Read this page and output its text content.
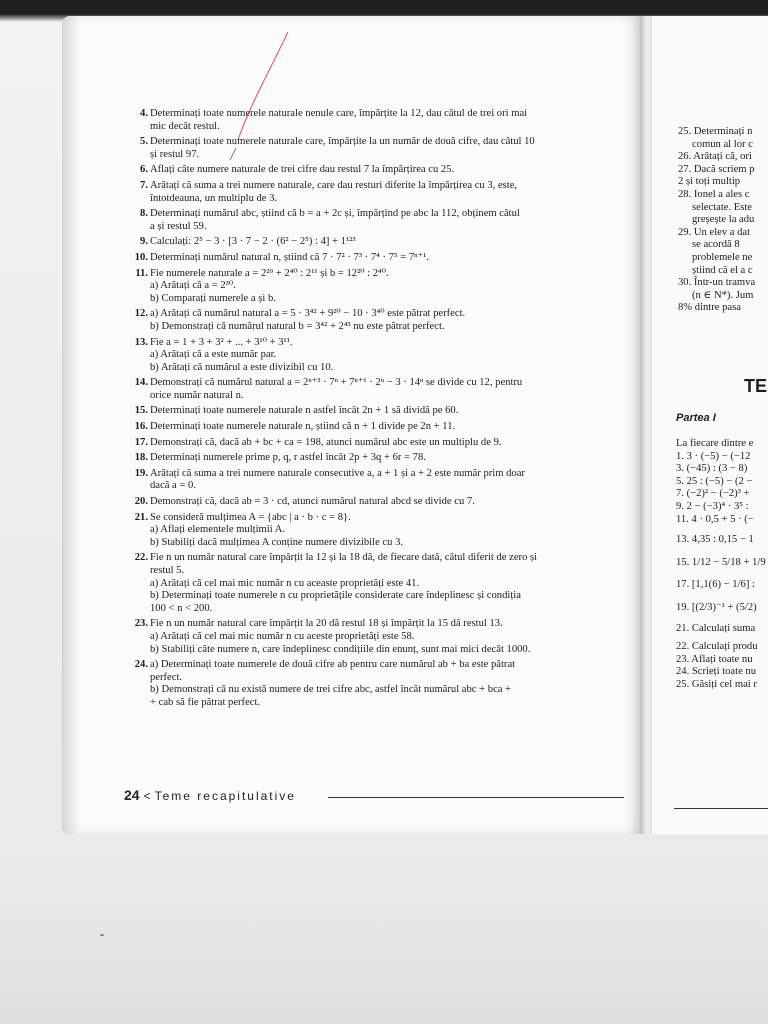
25. Determinați n
comun al lor c
26. Arătați că, ori
27. Dacă scriem p
2 și toți multip
28. Ionel a ales c
selectate. Este
greșește la adu
29. Un elev a dat
se acordă 8
problemele ne
știind că el a c
30. Într-un tramva
(n ∈ N*). Jum
8% dintre pasa
TE
Partea I
La fiecare dintre e
1. 3 · (−5) − (−12
3. (−45) : (3 − 8)
5. 25 : (−5) − (2 −
7. (−2)² − (−2)³ +
9. 2 − (−3)⁴ · 3⁵ :
11. 4 · 0,5 + 5 · (−
13. 4,35 : 0,15 − 1
15. 1/12 − 5/18 + 1/9
17. [1,1(6) − 1/6] :
19. [(2/3)⁻¹ + (5/2)
21. Calculați suma
22. Calculați produ
23. Aflați toate nu
24. Scrieți toate nu
25. Găsiți cel mai r
4. Determinați toate numerele naturale nenule care, împărțite la 12, dau câtul de trei ori mai
mic decât restul.
5. Determinați toate numerele naturale care, împărțite la un număr de două cifre, dau câtul 10
și restul 97.
6. Aflați câte numere naturale de trei cifre dau restul 7 la împărțirea cu 25.
7. Arătați că suma a trei numere naturale, care dau resturi diferite la împărțirea cu 3, este,
întotdeauna, un multiplu de 3.
8. Determinați numărul abc, știind că b = a + 2c și, împărțind pe abc la 112, obținem câtul
a și restul 59.
9. Calculați: 2⁵ − 3 · [3 · 7 − 2 · (6² − 2⁵) : 4] + 1¹²³
10. Determinați numărul natural n, știind că 7 · 7² · 7³ · 7⁴ · 7⁵ = 7ⁿ⁺¹.
11. Fie numerele naturale a = 2²⁹ + 2⁴⁰ : 2¹¹ și b = 12²⁰ : 2⁴⁰.
a) Arătați că a = 2³⁰.
b) Comparați numerele a și b.
12. a) Arătați că numărul natural a = 5 · 3⁴² + 9²⁰ − 10 · 3⁴⁰ este pătrat perfect.
b) Demonstrați că numărul natural b = 3⁴² + 2⁴³ nu este pătrat perfect.
13. Fie a = 1 + 3 + 3² + ... + 3¹⁰ + 3¹¹.
a) Arătați că a este număr par.
b) Arătați că numărul a este divizibil cu 10.
14. Demonstrați că numărul natural a = 2ⁿ⁺³ · 7ⁿ + 7ⁿ⁺¹ · 2ⁿ − 3 · 14ⁿ se divide cu 12, pentru
orice număr natural n.
15. Determinați toate numerele naturale n astfel încât 2n + 1 să dividă pe 60.
16. Determinați toate numerele naturale n, știind că n + 1 divide pe 2n + 11.
17. Demonstrați că, dacă ab + bc + ca = 198, atunci numărul abc este un multiplu de 9.
18. Determinați numerele prime p, q, r astfel încât 2p + 3q + 6r = 78.
19. Arătați că suma a trei numere naturale consecutive a, a + 1 și a + 2 este număr prim doar
dacă a = 0.
20. Demonstrați că, dacă ab = 3 · cd, atunci numărul natural abcd se divide cu 7.
21. Se consideră mulțimea A = {abc | a · b · c = 8}.
a) Aflați elementele mulțimii A.
b) Stabiliți dacă mulțimea A conține numere divizibile cu 3.
22. Fie n un număr natural care împărțit la 12 și la 18 dă, de fiecare dată, câtul diferit de zero și
restul 5.
a) Arătați că cel mai mic număr n cu aceaste proprietăți este 41.
b) Determinați toate numerele n cu proprietățile considerate care îndeplinesc și condiția
100 < n < 200.
23. Fie n un număr natural care împărțit la 20 dă restul 18 și împărțit la 15 dă restul 13.
a) Arătați că cel mai mic număr n cu aceste proprietăți este 58.
b) Stabiliți câte numere n, care îndeplinesc condițiile din enunț, sunt mai mici decât 1000.
24. a) Determinați toate numerele de două cifre ab pentru care numărul ab + ba este pătrat
perfect.
b) Demonstrați că nu există numere de trei cifre abc, astfel încât numărul abc + bca +
+ cab să fie pătrat perfect.
24 < Teme recapitulative
